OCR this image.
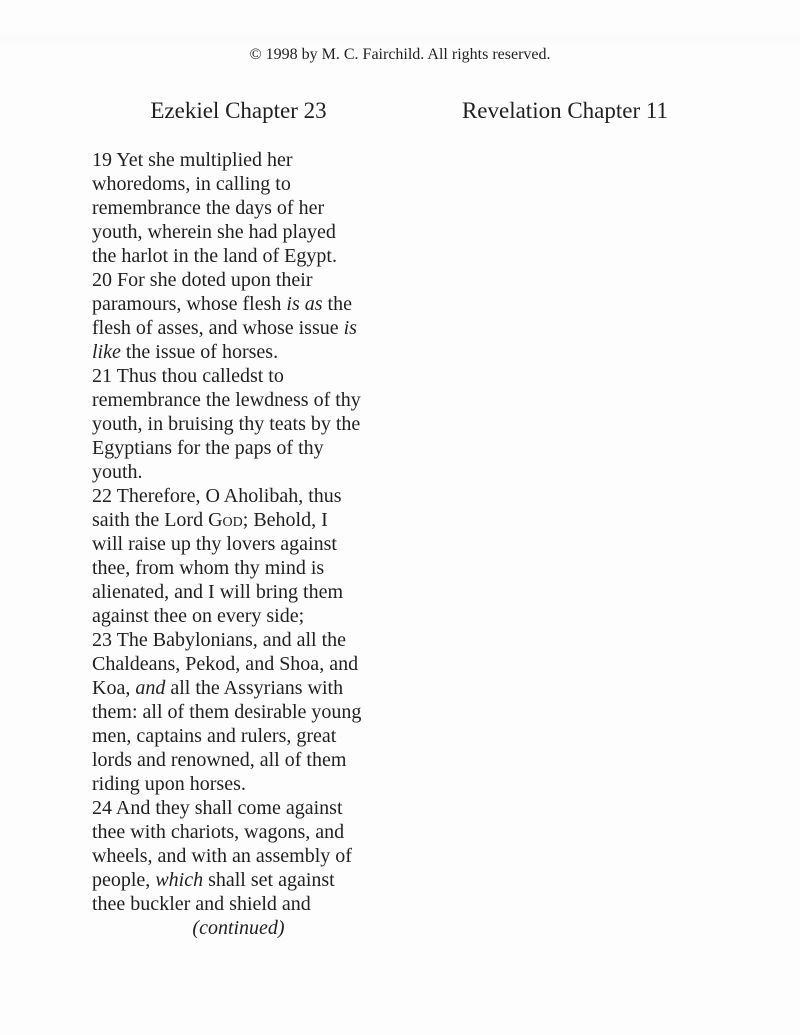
© 1998 by M. C. Fairchild. All rights reserved.
Ezekiel Chapter 23
19 Yet she multiplied her
whoredoms, in calling to
remembrance the days of her
youth, wherein she had played
the harlot in the land of Egypt.
20 For she doted upon their
paramours, whose flesh is as the
flesh of asses, and whose issue is
like the issue of horses.
21 Thus thou calledst to
remembrance the lewdness of thy
youth, in bruising thy teats by the
Egyptians for the paps of thy
youth.
22 Therefore, O Aholibah, thus
saith the Lord God; Behold, I
will raise up thy lovers against
thee, from whom thy mind is
alienated, and I will bring them
against thee on every side;
23 The Babylonians, and all the
Chaldeans, Pekod, and Shoa, and
Koa, and all the Assyrians with
them: all of them desirable young
men, captains and rulers, great
lords and renowned, all of them
riding upon horses.
24 And they shall come against
thee with chariots, wagons, and
wheels, and with an assembly of
people, which shall set against
thee buckler and shield and
(continued)
Revelation Chapter 11
